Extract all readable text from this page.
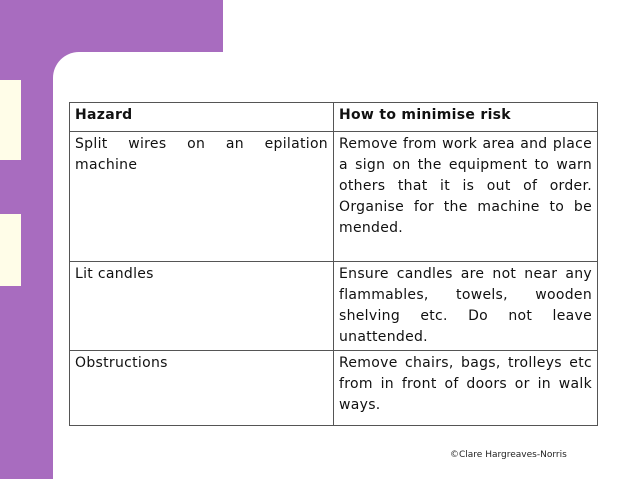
Hazard	How to minimise risk
Split wires on an epilation machine	Remove from work area and place a sign on the equipment to warn others that it is out of order. Organise for the machine to be mended.
Lit candles	Ensure candles are not near any flammables, towels, wooden shelving etc. Do not leave unattended.
Obstructions	Remove chairs, bags, trolleys etc from in front of doors or in walk ways.
©Clare Hargreaves-Norris
